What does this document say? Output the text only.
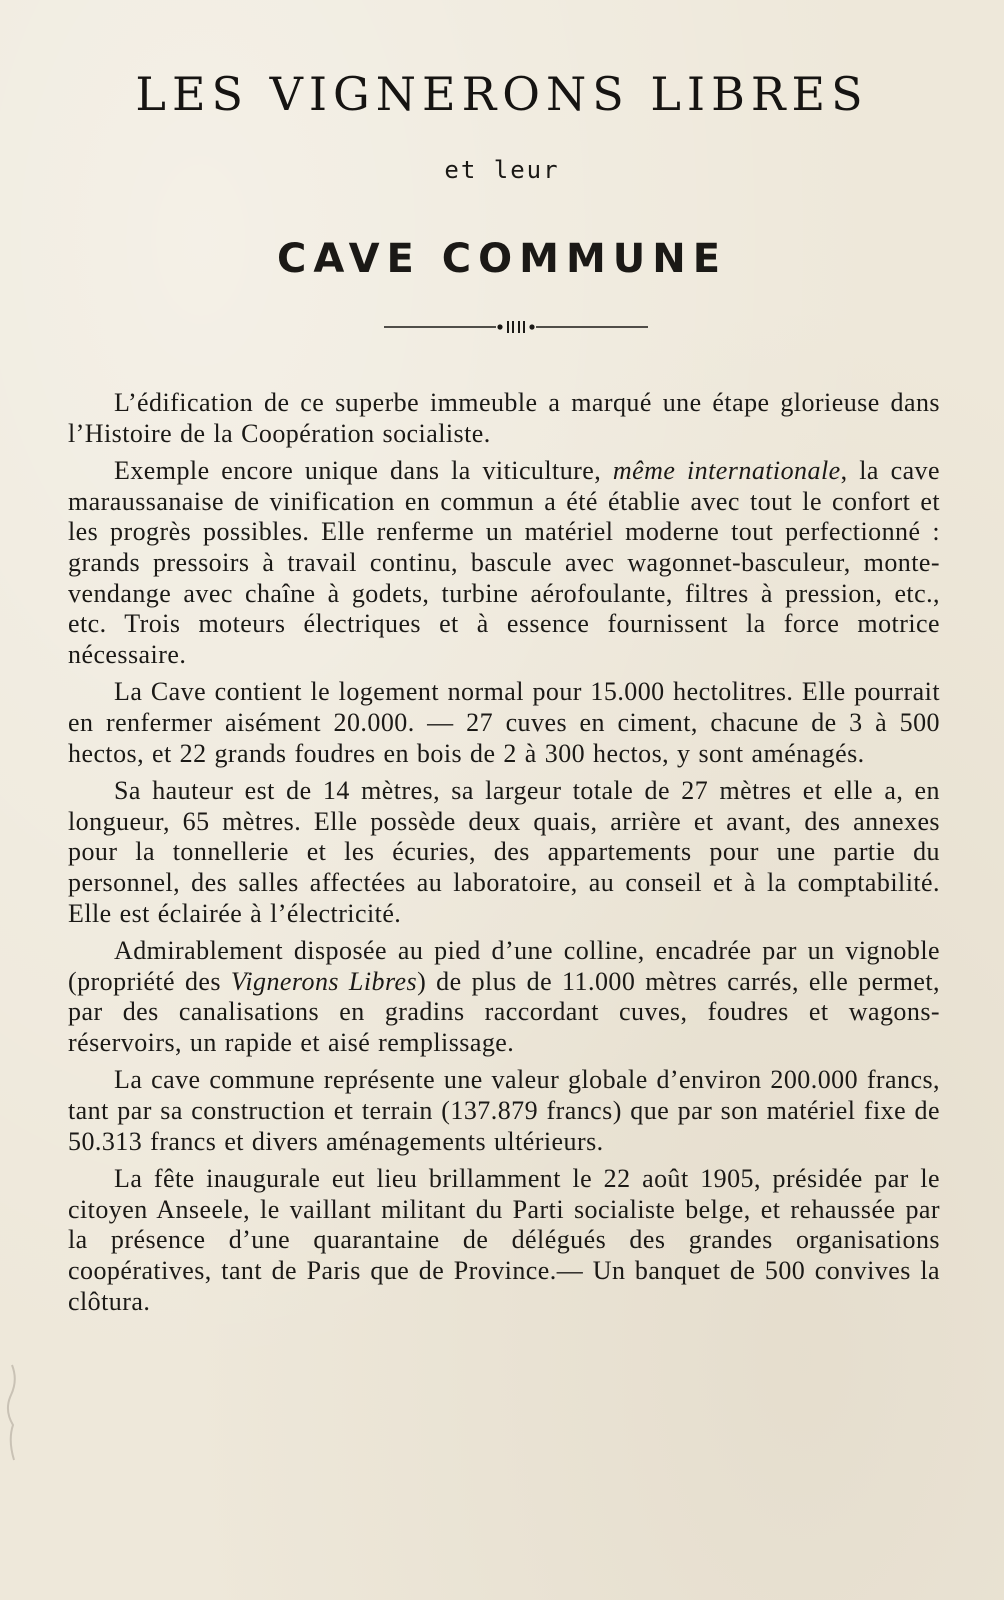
LES VIGNERONS LIBRES
et leur
CAVE COMMUNE

L’édification de ce superbe immeuble a marqué une étape glorieuse dans l’Histoire de la Coopération socialiste.

Exemple encore unique dans la viticulture, même internationale, la cave maraussanaise de vinification en commun a été établie avec tout le confort et les progrès possibles. Elle renferme un matériel moderne tout perfectionné : grands pressoirs à travail continu, bascule avec wagonnet-basculeur, monte-vendange avec chaîne à godets, turbine aérofoulante, filtres à pression, etc., etc. Trois moteurs électriques et à essence fournissent la force motrice nécessaire.

La Cave contient le logement normal pour 15.000 hectolitres. Elle pourrait en renfermer aisément 20.000. — 27 cuves en ciment, chacune de 3 à 500 hectos, et 22 grands foudres en bois de 2 à 300 hectos, y sont aménagés.

Sa hauteur est de 14 mètres, sa largeur totale de 27 mètres et elle a, en longueur, 65 mètres. Elle possède deux quais, arrière et avant, des annexes pour la tonnellerie et les écuries, des appartements pour une partie du personnel, des salles affectées au laboratoire, au conseil et à la comptabilité. Elle est éclairée à l’électricité.

Admirablement disposée au pied d’une colline, encadrée par un vignoble (propriété des Vignerons Libres) de plus de 11.000 mètres carrés, elle permet, par des canalisations en gradins raccordant cuves, foudres et wagons-réservoirs, un rapide et aisé remplissage.

La cave commune représente une valeur globale d’environ 200.000 francs, tant par sa construction et terrain (137.879 francs) que par son matériel fixe de 50.313 francs et divers aménagements ultérieurs.

La fête inaugurale eut lieu brillamment le 22 août 1905, présidée par le citoyen Anseele, le vaillant militant du Parti socialiste belge, et rehaussée par la présence d’une quarantaine de délégués des grandes organisations coopératives, tant de Paris que de Province.— Un banquet de 500 convives la clôtura.
